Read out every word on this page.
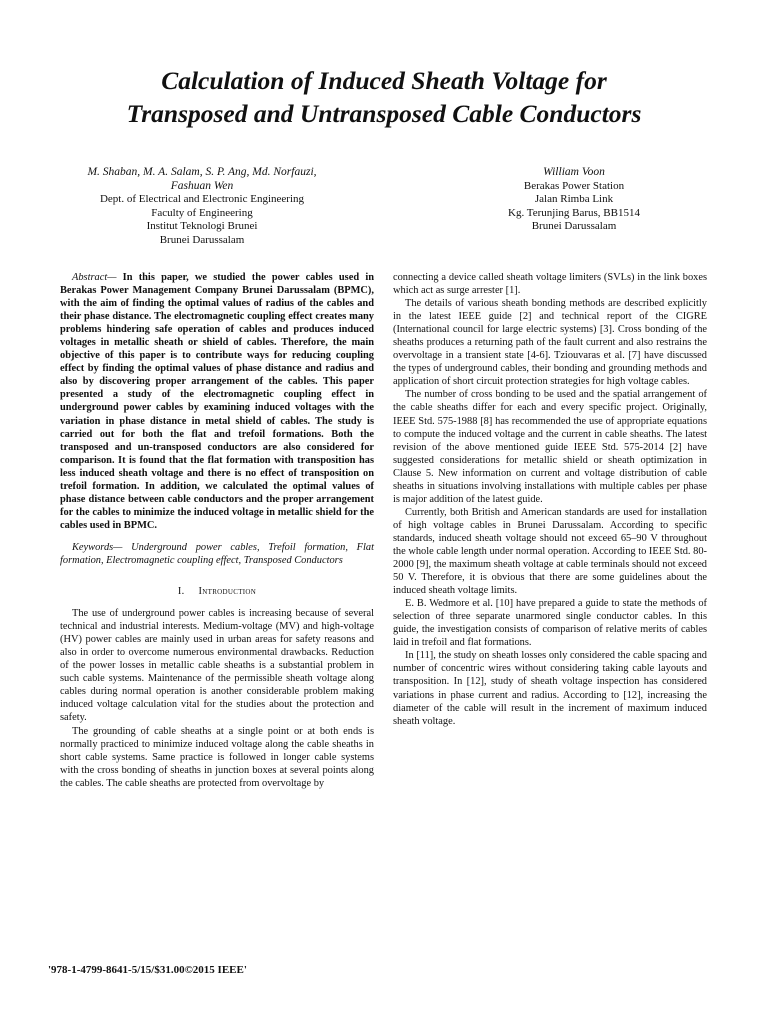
Calculation of Induced Sheath Voltage for
Transposed and Untransposed Cable Conductors
M. Shaban, M. A. Salam, S. P. Ang, Md. Norfauzi,
Fashuan Wen
Dept. of Electrical and Electronic Engineering
Faculty of Engineering
Institut Teknologi Brunei
Brunei Darussalam
William Voon
Berakas Power Station
Jalan Rimba Link
Kg. Terunjing Barus, BB1514
Brunei Darussalam

Abstract— In this paper, we studied the power cables used in Berakas Power Management Company Brunei Darussalam (BPMC), with the aim of finding the optimal values of radius of the cables and their phase distance. The electromagnetic coupling effect creates many problems hindering safe operation of cables and produces induced voltages in metallic sheath or shield of cables. Therefore, the main objective of this paper is to contribute ways for reducing coupling effect by finding the optimal values of phase distance and radius and also by discovering proper arrangement of the cables. This paper presented a study of the electromagnetic coupling effect in underground power cables by examining induced voltages with the variation in phase distance in metal shield of cables. The study is carried out for both the flat and trefoil formations. Both the transposed and un-transposed conductors are also considered for comparison. It is found that the flat formation with transposition has less induced sheath voltage and there is no effect of transposition on trefoil formation. In addition, we calculated the optimal values of phase distance between cable conductors and the proper arrangement for the cables to minimize the induced voltage in metallic shield for the cables used in BPMC.

Keywords— Underground power cables, Trefoil formation, Flat formation, Electromagnetic coupling effect, Transposed Conductors

I. Introduction

The use of underground power cables is increasing because of several technical and industrial interests. Medium-voltage (MV) and high-voltage (HV) power cables are mainly used in urban areas for safety reasons and also in order to overcome numerous environmental drawbacks. Reduction of the power losses in metallic cable sheaths is a substantial problem in such cable systems. Maintenance of the permissible sheath voltage along cables during normal operation is another considerable problem making induced voltage calculation vital for the studies about the protection and safety.

The grounding of cable sheaths at a single point or at both ends is normally practiced to minimize induced voltage along the cable sheaths in short cable systems. Same practice is followed in longer cable systems with the cross bonding of sheaths in junction boxes at several points along the cables. The cable sheaths are protected from overvoltage by

connecting a device called sheath voltage limiters (SVLs) in the link boxes which act as surge arrester [1].

The details of various sheath bonding methods are described explicitly in the latest IEEE guide [2] and technical report of the CIGRE (International council for large electric systems) [3]. Cross bonding of the sheaths produces a returning path of the fault current and also restrains the overvoltage in a transient state [4-6]. Tziouvaras et al. [7] have discussed the types of underground cables, their bonding and grounding methods and application of short circuit protection strategies for high voltage cables.

The number of cross bonding to be used and the spatial arrangement of the cable sheaths differ for each and every specific project. Originally, IEEE Std. 575-1988 [8] has recommended the use of appropriate equations to compute the induced voltage and the current in cable sheaths. The latest revision of the above mentioned guide IEEE Std. 575-2014 [2] have suggested considerations for metallic shield or sheath optimization in Clause 5. New information on current and voltage distribution of cable sheaths in situations involving installations with multiple cables per phase is major addition of the latest guide.

Currently, both British and American standards are used for installation of high voltage cables in Brunei Darussalam. According to specific standards, induced sheath voltage should not exceed 65–90 V throughout the whole cable length under normal operation. According to IEEE Std. 80-2000 [9], the maximum sheath voltage at cable terminals should not exceed 50 V. Therefore, it is obvious that there are some guidelines about the induced sheath voltage limits.

E. B. Wedmore et al. [10] have prepared a guide to state the methods of selection of three separate unarmored single conductor cables. In this guide, the investigation consists of comparison of relative merits of cables laid in trefoil and flat formations.

In [11], the study on sheath losses only considered the cable spacing and number of concentric wires without considering taking cable layouts and transposition. In [12], study of sheath voltage inspection has considered variations in phase current and radius. According to [12], increasing the diameter of the cable will result in the increment of maximum induced sheath voltage.

'978-1-4799-8641-5/15/$31.00©2015 IEEE'
